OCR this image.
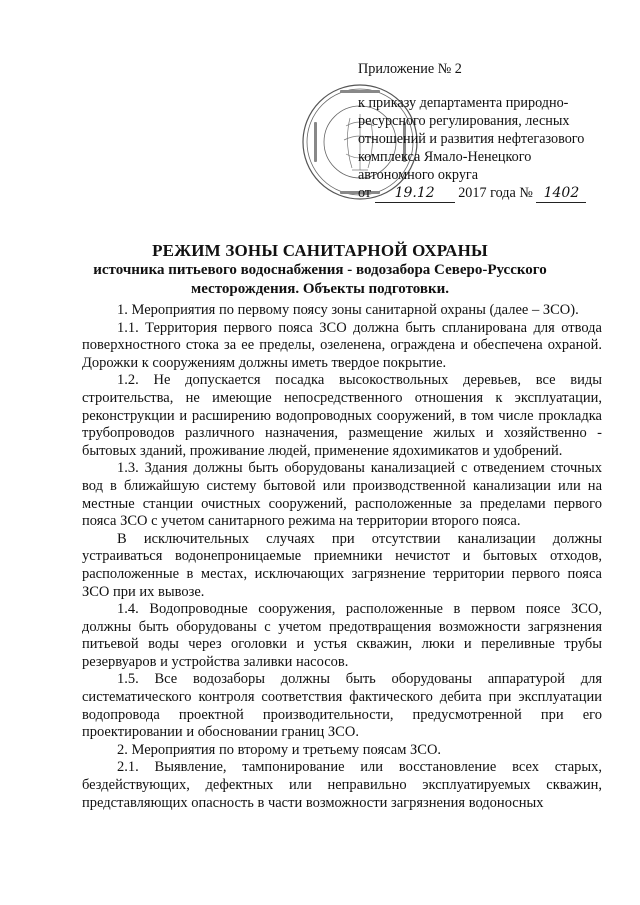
Приложение № 2
к приказу департамента природно-
ресурсного регулирования, лесных
отношений и развития нефтегазового
комплекса Ямало-Ненецкого
автономного округа
от 19.12 2017 года № 1402
РЕЖИМ ЗОНЫ САНИТАРНОЙ ОХРАНЫ
источника питьевого водоснабжения - водозабора Северо-Русского
месторождения. Объекты подготовки.

1. Мероприятия по первому поясу зоны санитарной охраны (далее – ЗСО).

1.1. Территория первого пояса ЗСО должна быть спланирована для отвода поверхностного стока за ее пределы, озеленена, ограждена и обеспечена охраной. Дорожки к сооружениям должны иметь твердое покрытие.

1.2. Не допускается посадка высокоствольных деревьев, все виды строительства, не имеющие непосредственного отношения к эксплуатации, реконструкции и расширению водопроводных сооружений, в том числе прокладка трубопроводов различного назначения, размещение жилых и хозяйственно - бытовых зданий, проживание людей, применение ядохимикатов и удобрений.

1.3. Здания должны быть оборудованы канализацией с отведением сточных вод в ближайшую систему бытовой или производственной канализации или на местные станции очистных сооружений, расположенные за пределами первого пояса ЗСО с учетом санитарного режима на территории второго пояса.

В исключительных случаях при отсутствии канализации должны устраиваться водонепроницаемые приемники нечистот и бытовых отходов, расположенные в местах, исключающих загрязнение территории первого пояса ЗСО при их вывозе.

1.4. Водопроводные сооружения, расположенные в первом поясе ЗСО, должны быть оборудованы с учетом предотвращения возможности загрязнения питьевой воды через оголовки и устья скважин, люки и переливные трубы резервуаров и устройства заливки насосов.

1.5. Все водозаборы должны быть оборудованы аппаратурой для систематического контроля соответствия фактического дебита при эксплуатации водопровода проектной производительности, предусмотренной при его проектировании и обосновании границ ЗСО.

2. Мероприятия по второму и третьему поясам ЗСО.

2.1. Выявление, тампонирование или восстановление всех старых, бездействующих, дефектных или неправильно эксплуатируемых скважин, представляющих опасность в части возможности загрязнения водоносных
